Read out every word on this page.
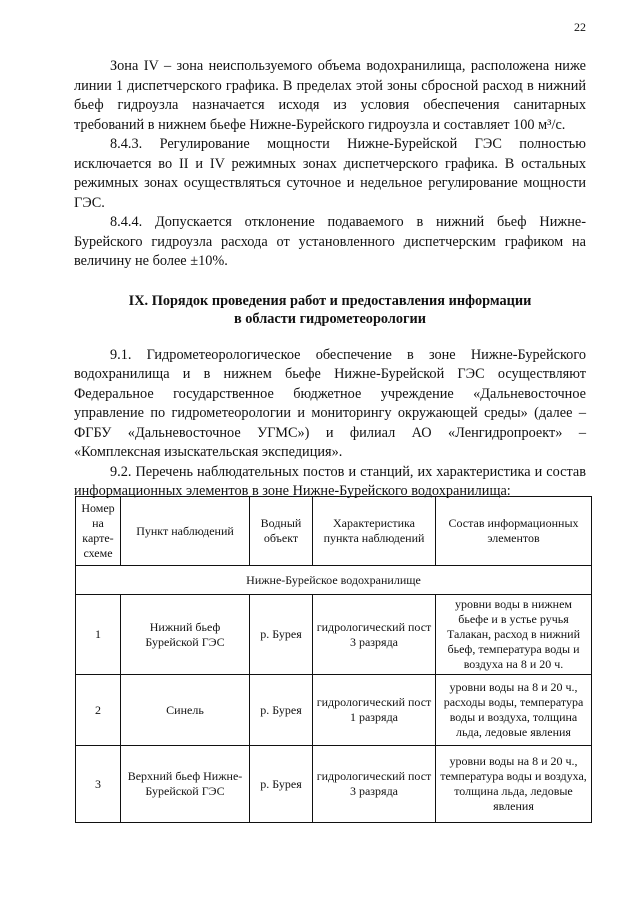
22

Зона IV – зона неиспользуемого объема водохранилища, расположена ниже линии 1 диспетчерского графика. В пределах этой зоны сбросной расход в нижний бьеф гидроузла назначается исходя из условия обеспечения санитарных требований в нижнем бьефе Нижне-Бурейского гидроузла и составляет 100 м³/с.

8.4.3. Регулирование мощности Нижне-Бурейской ГЭС полностью исключается во II и IV режимных зонах диспетчерского графика. В остальных режимных зонах осуществляться суточное и недельное регулирование мощности ГЭС.

8.4.4. Допускается отклонение подаваемого в нижний бьеф Нижне-Бурейского гидроузла расхода от установленного диспетчерским графиком на величину не более ±10%.

IX. Порядок проведения работ и предоставления информации
в области гидрометеорологии

9.1. Гидрометеорологическое обеспечение в зоне Нижне-Бурейского водохранилища и в нижнем бьефе Нижне-Бурейской ГЭС осуществляют Федеральное государственное бюджетное учреждение «Дальневосточное управление по гидрометеорологии и мониторингу окружающей среды» (далее – ФГБУ «Дальневосточное УГМС») и филиал АО «Ленгидропроект» – «Комплексная изыскательская экспедиция».

9.2. Перечень наблюдательных постов и станций, их характеристика и состав информационных элементов в зоне Нижне-Бурейского водохранилища:

Номер на карте-схеме	Пункт наблюдений	Водный объект	Характеристика пункта наблюдений	Состав информационных элементов
Нижне-Бурейское водохранилище				
1	Нижний бьеф Бурейской ГЭС	р. Бурея	гидрологический пост 3 разряда	уровни воды в нижнем бьефе и в устье ручья Талакан, расход в нижний бьеф, температура воды и воздуха на 8 и 20 ч.
2	Синель	р. Бурея	гидрологический пост 1 разряда	уровни воды на 8 и 20 ч., расходы воды, температура воды и воздуха, толщина льда, ледовые явления
3	Верхний бьеф Нижне-Бурейской ГЭС	р. Бурея	гидрологический пост 3 разряда	уровни воды на 8 и 20 ч., температура воды и воздуха, толщина льда, ледовые явления
